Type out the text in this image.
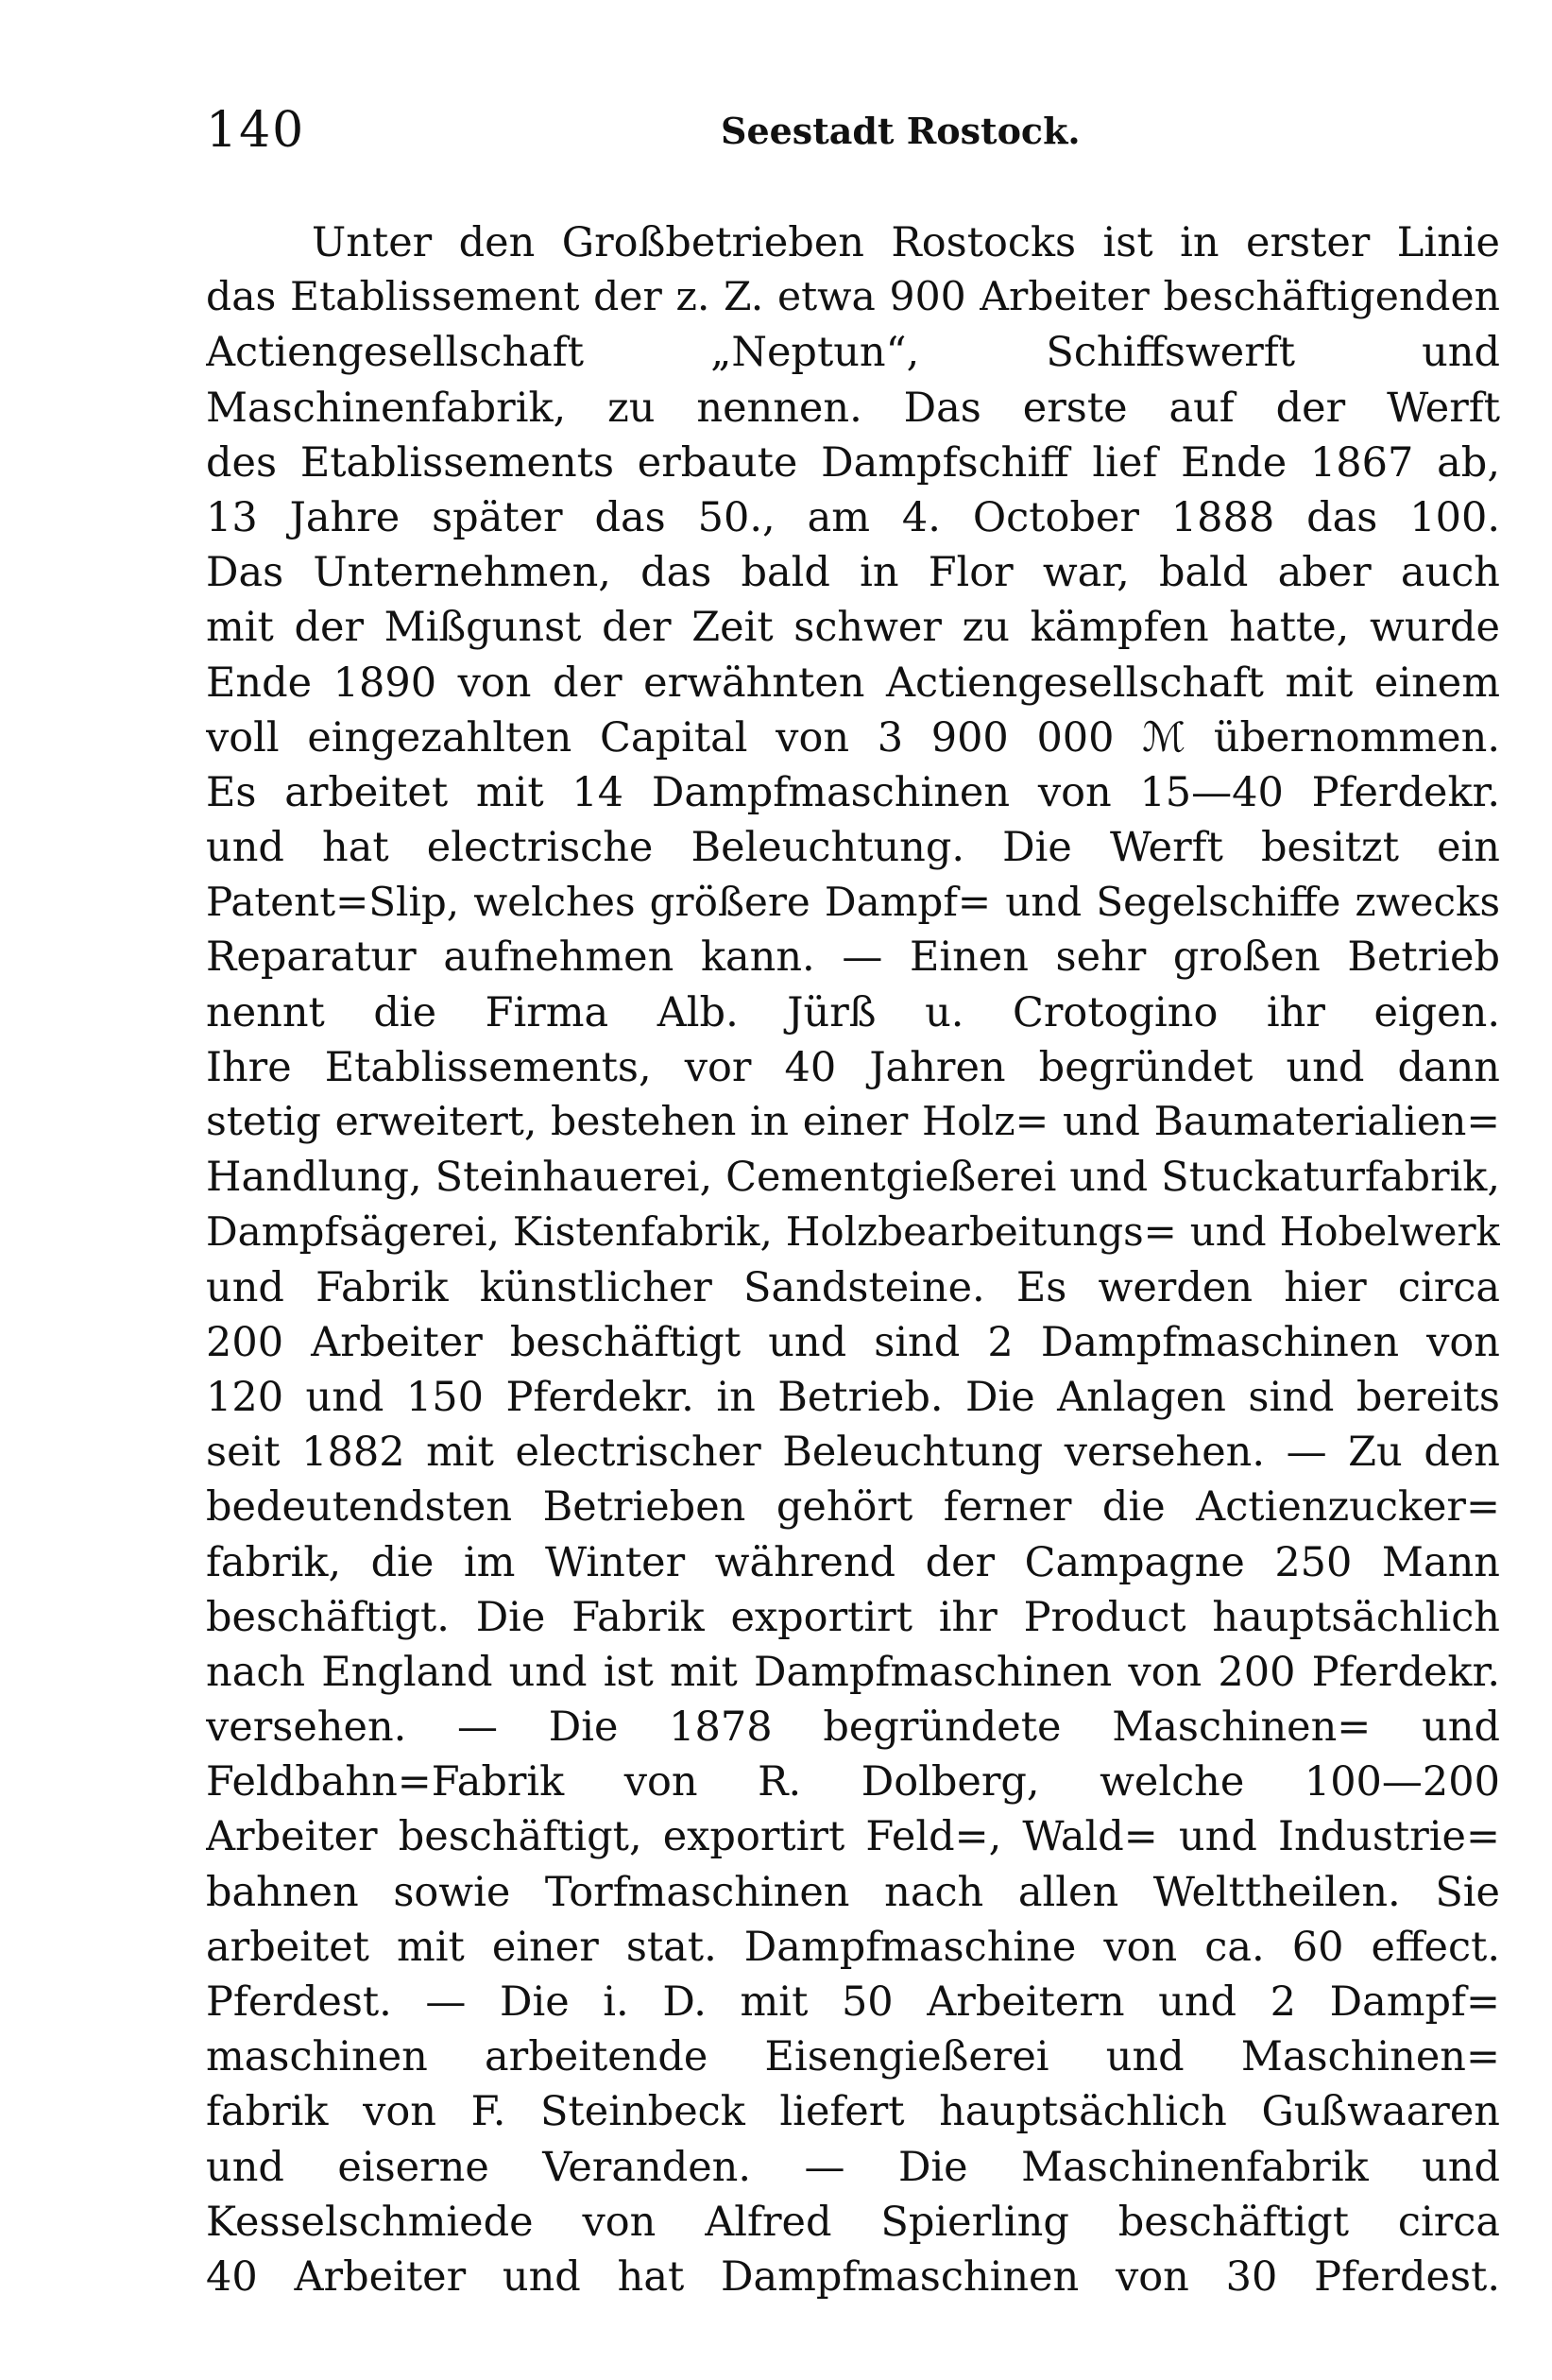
140	Seestadt Rostock.
Unter den Großbetrieben Rostocks ist in erster Linie
das Etablissement der z. Z. etwa 900 Arbeiter beschäftigenden
Actiengesellschaft „Neptun“, Schiffswerft und
Maschinenfabrik, zu nennen. Das erste auf der Werft
des Etablissements erbaute Dampfschiff lief Ende 1867 ab,
13 Jahre später das 50., am 4. October 1888 das 100.
Das Unternehmen, das bald in Flor war, bald aber auch
mit der Mißgunst der Zeit schwer zu kämpfen hatte, wurde
Ende 1890 von der erwähnten Actiengesellschaft mit einem
voll eingezahlten Capital von 3 900 000 ℳ übernommen.
Es arbeitet mit 14 Dampfmaschinen von 15—40 Pferdekr.
und hat electrische Beleuchtung. Die Werft besitzt ein
Patent=Slip, welches größere Dampf= und Segelschiffe zwecks
Reparatur aufnehmen kann. — Einen sehr großen Betrieb
nennt die Firma Alb. Jürß u. Crotogino ihr eigen.
Ihre Etablissements, vor 40 Jahren begründet und dann
stetig erweitert, bestehen in einer Holz= und Baumaterialien=
Handlung, Steinhauerei, Cementgießerei und Stuckaturfabrik,
Dampfsägerei, Kistenfabrik, Holzbearbeitungs= und Hobelwerk
und Fabrik künstlicher Sandsteine. Es werden hier circa
200 Arbeiter beschäftigt und sind 2 Dampfmaschinen von
120 und 150 Pferdekr. in Betrieb. Die Anlagen sind bereits
seit 1882 mit electrischer Beleuchtung versehen. — Zu den
bedeutendsten Betrieben gehört ferner die Actienzucker=
fabrik, die im Winter während der Campagne 250 Mann
beschäftigt. Die Fabrik exportirt ihr Product hauptsächlich
nach England und ist mit Dampfmaschinen von 200 Pferdekr.
versehen. — Die 1878 begründete Maschinen= und
Feldbahn=Fabrik von R. Dolberg, welche 100—200
Arbeiter beschäftigt, exportirt Feld=, Wald= und Industrie=
bahnen sowie Torfmaschinen nach allen Welttheilen. Sie
arbeitet mit einer stat. Dampfmaschine von ca. 60 effect.
Pferdest. — Die i. D. mit 50 Arbeitern und 2 Dampf=
maschinen arbeitende Eisengießerei und Maschinen=
fabrik von F. Steinbeck liefert hauptsächlich Gußwaaren
und eiserne Veranden. — Die Maschinenfabrik und
Kesselschmiede von Alfred Spierling beschäftigt circa
40 Arbeiter und hat Dampfmaschinen von 30 Pferdest.
